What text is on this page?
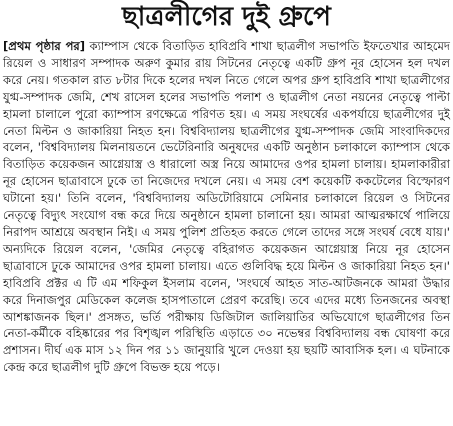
ছাত্রলীগের দুই গ্রুপে

[প্রথম পৃষ্ঠার পর] ক্যাম্পাস থেকে বিতাড়িত হাবিপ্রবি শাখা ছাত্রলীগ সভাপতি ইফতেখার আহমেদ রিয়েল ও সাধারণ সম্পাদক অরুণ কুমার রায় সিটনের নেতৃত্বে একটি গ্রুপ নূর হোসেন হল দখল করে নেয়। গতকাল রাত ৮টার দিকে হলের দখল নিতে গেলে অপর গ্রুপ হাবিপ্রবি শাখা ছাত্রলীগের যুগ্ম-সম্পাদক জেমি, শেখ রাসেল হলের সভাপতি পলাশ ও ছাত্রলীগ নেতা নয়নের নেতৃত্বে পাল্টা হামলা চালালে পুরো ক্যাম্পাস রণক্ষেত্রে পরিণত হয়। এ সময় সংঘর্ষের একপর্যায়ে ছাত্রলীগের দুই নেতা মিল্টন ও জাকারিয়া নিহত হন। বিশ্ববিদ্যালয় ছাত্রলীগের যুগ্ম-সম্পাদক জেমি সাংবাদিকদের বলেন, 'বিশ্ববিদ্যালয় মিলনায়তনে ভেটেরিনারি অনুষদের একটি অনুষ্ঠান চলাকালে ক্যাম্পাস থেকে বিতাড়িত কয়েকজন আগ্নেয়াস্ত্র ও ধারালো অস্ত্র নিয়ে আমাদের ওপর হামলা চালায়। হামলাকারীরা নূর হোসেন ছাত্রাবাসে ঢুকে তা নিজেদের দখলে নেয়। এ সময় বেশ কয়েকটি ককটেলের বিস্ফোরণ ঘটানো হয়।' তিনি বলেন, 'বিশ্ববিদ্যালয় অডিটোরিয়ামে সেমিনার চলাকালে রিয়েল ও সিটনের নেতৃত্বে বিদ্যুৎ সংযোগ বন্ধ করে দিয়ে অনুষ্ঠানে হামলা চালানো হয়। আমরা আত্মরক্ষার্থে পালিয়ে নিরাপদ আশ্রয়ে অবস্থান নিই। এ সময় পুলিশ প্রতিহত করতে গেলে তাদের সঙ্গে সংঘর্ষ বেধে যায়।' অন্যদিকে রিয়েল বলেন, 'জেমির নেতৃত্বে বহিরাগত কয়েকজন আগ্নেয়াস্ত্র নিয়ে নূর হোসেন ছাত্রাবাসে ঢুকে আমাদের ওপর হামলা চালায়। এতে গুলিবিদ্ধ হয়ে মিল্টন ও জাকারিয়া নিহত হন।' হাবিপ্রবি প্রক্টর এ টি এম শফিকুল ইসলাম বলেন, 'সংঘর্ষে আহত সাত-আটজনকে আমরা উদ্ধার করে দিনাজপুর মেডিকেল কলেজ হাসপাতালে প্রেরণ করেছি। তবে এদের মধ্যে তিনজনের অবস্থা আশঙ্কাজনক ছিল।' প্রসঙ্গত, ভর্তি পরীক্ষায় ডিজিটাল জালিয়াতির অভিযোগে ছাত্রলীগের তিন নেতা-কর্মীকে বহিষ্কারের পর বিশৃঙ্খল পরিস্থিতি এড়াতে ৩০ নভেম্বর বিশ্ববিদ্যালয় বন্ধ ঘোষণা করে প্রশাসন। দীর্ঘ এক মাস ১২ দিন পর ১১ জানুয়ারি খুলে দেওয়া হয় ছয়টি আবাসিক হল। এ ঘটনাকে কেন্দ্র করে ছাত্রলীগ দুটি গ্রুপে বিভক্ত হয়ে পড়ে।
